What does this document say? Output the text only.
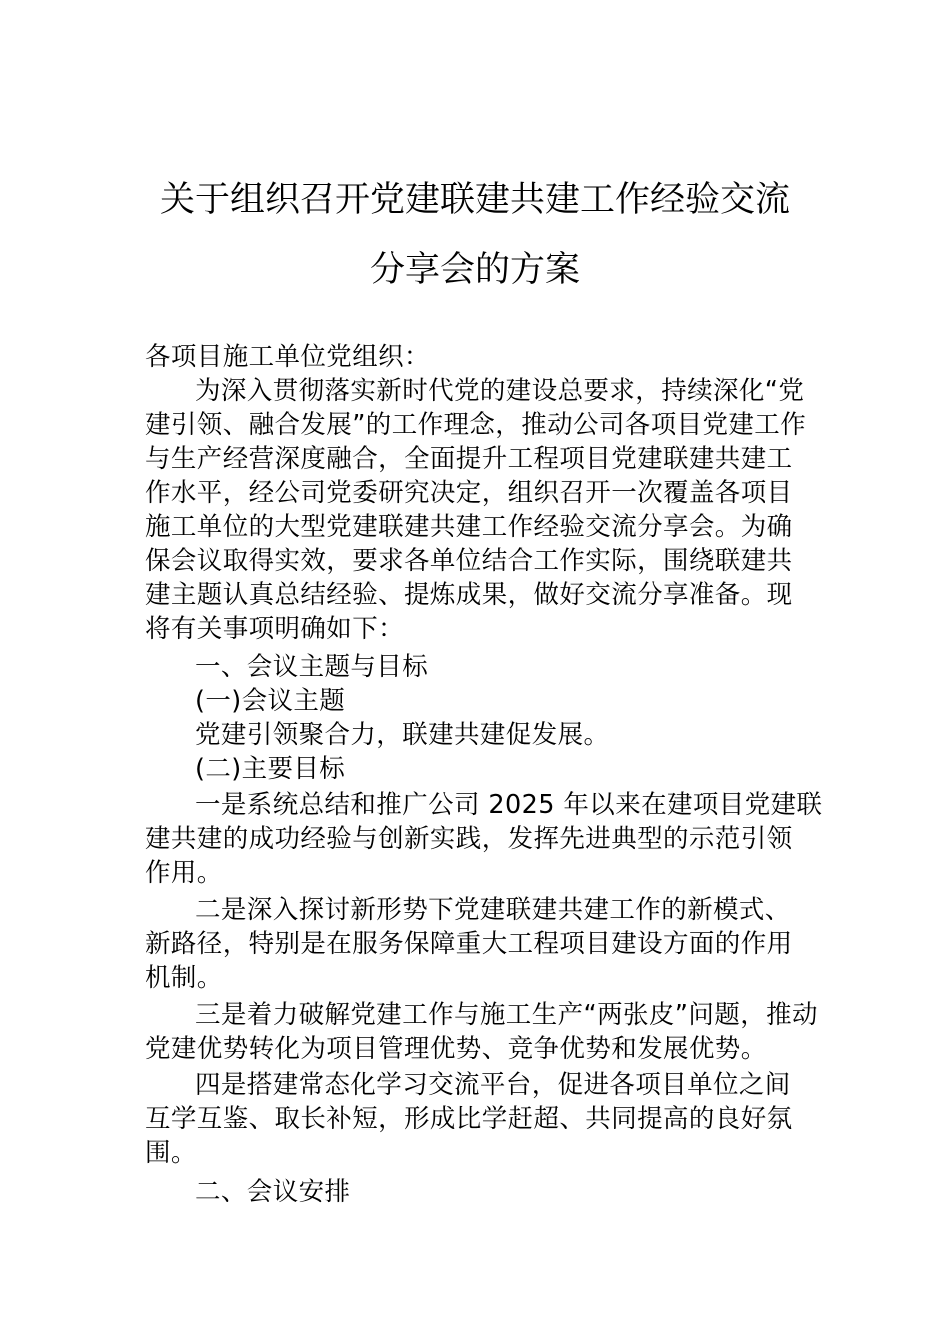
关于组织召开党建联建共建工作经验交流
分享会的方案
各项目施工单位党组织：
为深入贯彻落实新时代党的建设总要求，持续深化“党
建引领、融合发展”的工作理念，推动公司各项目党建工作
与生产经营深度融合，全面提升工程项目党建联建共建工
作水平，经公司党委研究决定，组织召开一次覆盖各项目
施工单位的大型党建联建共建工作经验交流分享会。为确
保会议取得实效，要求各单位结合工作实际，围绕联建共
建主题认真总结经验、提炼成果，做好交流分享准备。现
将有关事项明确如下：
一、会议主题与目标
(一)会议主题
党建引领聚合力，联建共建促发展。
(二)主要目标
一是系统总结和推广公司 2025 年以来在建项目党建联
建共建的成功经验与创新实践，发挥先进典型的示范引领
作用。
二是深入探讨新形势下党建联建共建工作的新模式、
新路径，特别是在服务保障重大工程项目建设方面的作用
机制。
三是着力破解党建工作与施工生产“两张皮”问题，推动
党建优势转化为项目管理优势、竞争优势和发展优势。
四是搭建常态化学习交流平台，促进各项目单位之间
互学互鉴、取长补短，形成比学赶超、共同提高的良好氛
围。
二、会议安排
